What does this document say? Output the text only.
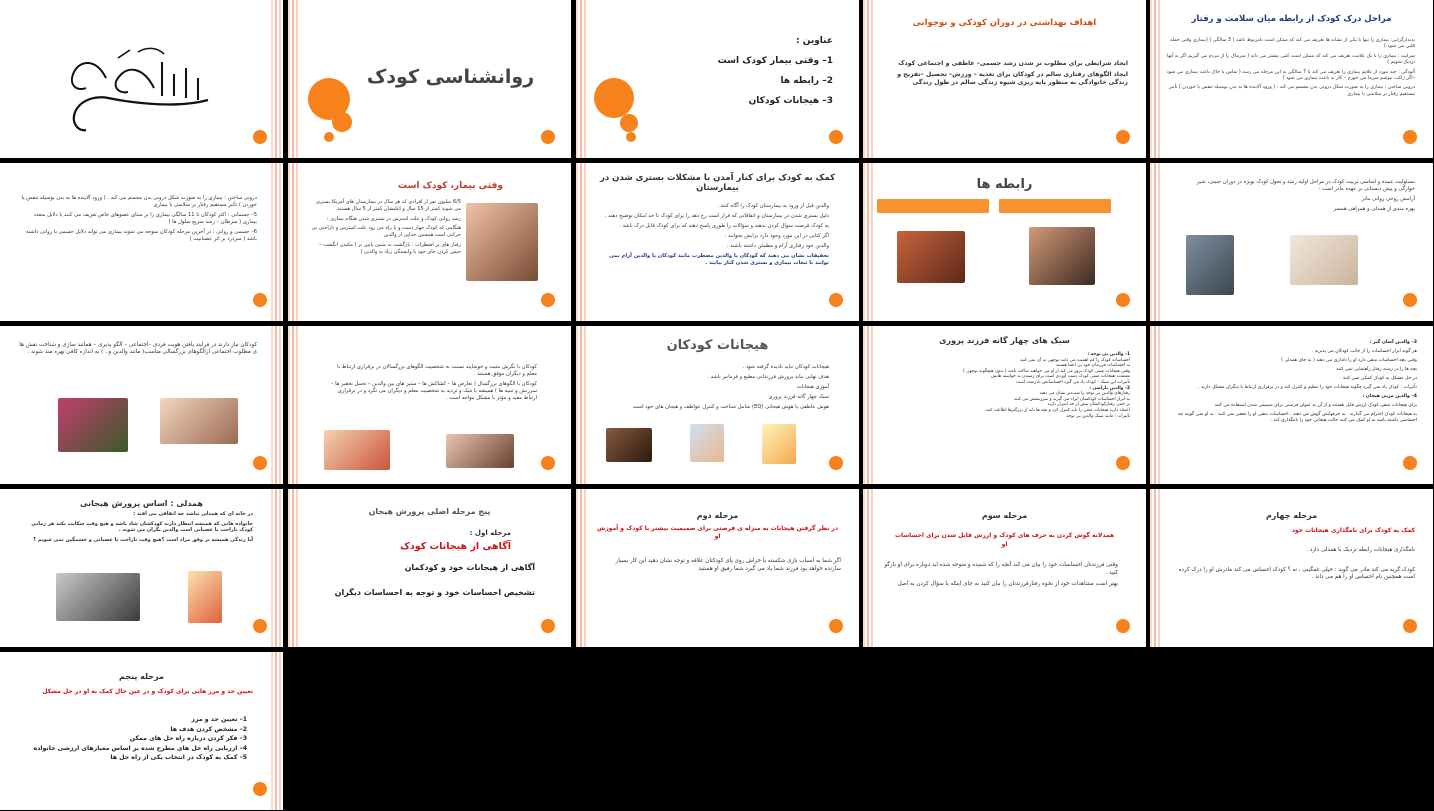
مراحل درک کودک از رابطه میان سلامت و رفتار

پدیدارگرایی: بیماری را تنها با یکی از نشانه ها تعریف می کند که ممکن است نامربوط باشد ( 3 سالگی ) (بیماری وقتی حمله قلبی می شود )

سرایت : بیماری را با یک علامت تعریف می کند که ممکن است کمی بیشتر می داند ( سرماک را از مردم می گیریم اگر به آنها نزدیک شویم )

آلودگی : چند مورد از علایم بیماری را تعریف می کند تا 7 سالگی به این مرحله می رسد ( تماس با خاک باعث بیماری می شود –اگر ژاکت نپوشم سرما می خورم – کار بد باعث بیماری می شود )

درونی ساختن : بیماری را به صورت شکل درونی بدن مجسم می کند . ( ورود آلاینده ها به بدن بوسیله تنفس یا خوردن ) تأثیر مستقیم رفتار بر سلامتی یا بیماری

اهداف بهداشتی در دوران کودکی و نوجوانی

ایجاد شرایطی برای مطلوب تر شدن رشد جسمی– عاطفی و اجتماعی کودک

ایجاد الگوهای رفتاری سالم در کودکان برای تغذیه – ورزش– تحصیل –تفریح و زندگی خانوادگی به منظور پایه ریزی شیوه زندگی سالم در طول زندگی

عناوین :
1– وقتی بیمار کودک است
2– رابطه ها
3– هیجانات کودکان
روانشناسی کودک

مسئولیت عمده و اساسی تربیت کودک در مراحل اولیه رشد و تحول کودک بویژه در دوران جنینی، شیر خوارگی و پیش دبستانی بر عهده مادر است :

آرامش روحی روانی مادر

بهره مندی از همدلی و همراهی همسر

رابطه ها
کمک به کودک برای کنار آمدن با مشکلات بستری شدن در بیمارستان

والدین قبل از ورود به بیمارستان کودک را آگاه کنند .

دلیل بستری شدن در بیمارستان و اتفاقاتی که قرار است رخ دهد را برای کودک تا حد امکان توضیح دهند .

به کودک فرصت سوال کردن بدهند و سؤالات را طوری پاسخ دهند که برای کودک قابل درک باشد .

اگر کتابی در این مورد وجود دارد برایش بخوانند .

والدین خود رفتاری آرام و مطمئن داشته باشند .

تحقیقات نشان می دهند که کودکان یا والدین مضطرب مانند کودکان یا والدین آرام نمی توانند با تبعات بیماری و بستری شدن کنار بیایند .

وقتی بیمار، کودک است

6/5 میلیون نفر از افرادی که هر سال در بیمارستان های آمریکا بستری می شوند کمتر از 15 سال و اغلبشان کمتر از 5 سال هستند.

رشد روانی کودک و علت استرس در بستری شدن هنگام بیماری :

هنگامی که کودک چهار دست و پا راه می رود علت استرس و ناراحتی بی حرکتی است همچنین جدایی از والدین

رفتار های پر اضطراب : بازگشت به سنین پایین تر ( مکیدن انگشت – خیس کردن جای خود یا وابستگی زیاد به والدین )

درونی ساختن : بیماری را به صورت شکل درونی بدن مجسم می کند . ( ورود آلاینده ها به بدن بوسیله تنفس یا خوردن ) تأثیر مستقیم رفتار بر سلامتی یا بیماری

5– جسمانی : اکثر کودکان تا 11 سالگی بیماری را بر مبنای عضوهای خاص تعریف می کنند یا دلایل متعدد بیماری ( سرطان – رشد سریع سلول ها )

6– جسمی و روانی : در آخرین مرحله کودکان متوجه می شوند بیماری می تواند دلایل جسمی یا روانی داشته باشد ( سردرد بر اثر عصبانیت )

3– والدین آسان گیر :

هر گونه ابراز احساسات را از جانب کودکان می پذیرند .

وقتی بچه احساسات منفی دارد او را دلداری می دهند ( به جای همدلی )

بچه ها را در زمینه رفتار راهنمایی نمی کنند

در حل مشکل به کودک کمکی نمی کنند .

تأثیرات : کودک یاد نمی گیرد چگونه هیجانات خود را تنظیم و کنترل کند و در برقراری ارتباط با دیگران مشکل دارند .

4– والدین مربی هیجان :

برای هیجانات منفی کودک ارزش قایل هستند و از آن به عنوان فرصتی برای صمیمی شدن استفاده می کنند

به هیجانات کودک احترام می گذارند . به حرفهایش گوش می دهند . احساسات منفی او را تحقیر نمی کنند . به او نمی گویند چه احساسی داشته باشد به او کمک می کنند حالت هیجانی خود را نامگذاری کند .

سبک های چهار گانه فرزند پروری

1– والدین بی توجه :

احساسات کودک را کم اهمیت می دانند توجهی به آن نمی کنند

به احساسات فرزندان خود بی اعتنا هستند

وقتی هیجانات منفی کودک بروز می کند از او می خواهند ساکت باشد ( بدون هیچگونه توجهی )

معتقدند هیجانات منفی کودک دست آوردی است برای رسیدن به خواسته هایش

تأثیرات این سبک : کودک یاد می گیرد احساساتش نادرست است

2– والدین ناراضی :

رفتارهای والدین بی توجه را شدیدتر نشان می دهند

به ابراز احساسات کودکشان ایراد می گیرند و سرزنشش می کنند

بر خنثی رفتارکودکشان بیش از حد اصرار دارند

اعتقاد دارند هیجانات منفی را باید کنترل کرد و بچه ها باید از بزرگترها اطاعت کنند

تأثیرات : مانند سبک والدین بی توجه

هیجانات کودکان

هیجانات کودکان نباید نادیده گرفته شود .

هدف نهایی نباید پرورش فرزندانی مطیع و فرمانبر باشد .

آموزی هیجانات

سبک چهار گانه فرزند پروری

هوش عاطفی یا هوش هیجانی (EQ) شامل شناخت و کنترل عواطف و هیجان های خود است

کودکان با نگرش مثبت و خوشایند نسبت به شخصیت الگوهای بزرگسالان در برقراری ارتباط با معلم و دیگران موفق هستند .

کودکان با الگوهای بزرگسال ( تعارض ها – کشاکش ها – ستیز های بین والدین – تحمل تحقیر ها – سرزنش و تنبیه ها ) همیشه با شک و تردید به شخصیت معلم و دیگران می نگرد و در برقراری ارتباط مفید و مؤثر با مشکل مواجه است .

کودکان نیاز دارند در فرایند یافتن هویت فردی –اجتماعی – الگو پذیری – همانند سازی و شناخت نقش ها ی مطلوب اجتماعی ازالگوهای بزرگسالی مناسب( مانند والدین و.. ) به اندازه کافی بهره مند شوند .

مرحله چهارم

کمک به کودک برای نامگذاری هیجانات خود

نامگذاری هیجانات رابطه نزدیک با همدلی دارد .

کودک گریه می کند مادر می گوید : خیلی غمگینی ، نه ؟ کودک احساس می کند مادرش او را درک کرده است همچنین نام احساس او را هم می داند .

مرحله سوم

همدلانه گوش کردن به حرف های کودک و ارزش قایل شدن برای احساسات او

وقتی فرزندتان احساسات خود را بیان می کند آنچه را که شنیده و متوجه شده اید دوباره برای او بازگو کنید .

بهتر است مشاهدات خود از نحوه رفتارفرزندتان را بیان کنید به جای اینکه با سؤال کردن به اصل

مرحله دوم

در نظر گرفتن هیجانات به منزله ی فرصتی برای صمیمیت بیشتر با کودک و آموزش او

اگر شما به اسباب بازی شکسته یا خراش روی پای کودکتان علاقه و توجه نشان دهید این کار بسیار سازنده خواهد بود فرزند شما یاد می گیرد شما رفیق او هستید

پنج مرحله اصلی پرورش هیجان
مرحله اول :
آگاهی از هیجانات کودک
آگاهی از هیجانات خود و کودکمان
تشخیص احساسات خود و توجه به احساسات دیگران
همدلی : اساس پرورش هیجانی

در خانه ای که همدلی نباشد چه اتفاقی می افتد :

خانواده هایی که همیشه انتظار دارند کودکشان شاد باشد و هیچ وقت شکایت نکند هر زمانی کودک ناراحت یا عصبانی است والدین نگران می شوند .

آیا زندگی همیشه بر وفق مراد است ؟هیچ وقت ناراحت یا عصبانی و خشمگین نمی شویم ؟

مرحله پنجم

تعیین حد و مرز هایی برای کودک و در عین حال کمک به او در حل مشکل

1– تعیین حد و مرز

2– مشخص کردن هدف ها

3– فکر کردن درباره راه حل های ممکن

4– ارزیابی راه حل های مطرح شده بر اساس معیارهای ارزشی خانواده

5– کمک به کودک در انتخاب یکی از راه حل ها
